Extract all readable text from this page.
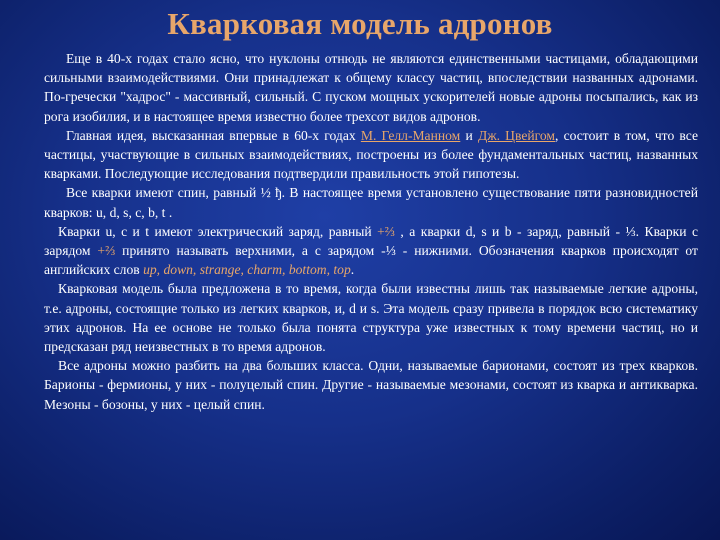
Кварковая модель адронов

Еще в 40-х годах стало ясно, что нуклоны отнюдь не являются единственными частицами, обладающими сильными взаимодействиями. Они принадлежат к общему классу частиц, впоследствии названных адронами. По-гречески "хадрос" - массивный, сильный. С пуском мощных ускорителей новые адроны посыпались, как из рога изобилия, и в настоящее время известно более трехсот видов адронов.

Главная идея, высказанная впервые в 60-х годах М. Гелл-Манном и Дж. Цвейгом, состоит в том, что все частицы, участвующие в сильных взаимодействиях, построены из более фундаментальных частиц, названных кварками. Последующие исследования подтвердили правильность этой гипотезы.

Все кварки имеют спин, равный ½ ђ. В настоящее время установлено существование пяти разновидностей кварков: u, d, s, c, b, t .

Кварки u, c и t имеют электрический заряд, равный +⅔ , а кварки d, s и b - заряд, равный - ⅓. Кварки с зарядом +⅔ принято называть верхними, а с зарядом -⅓ - нижними. Обозначения кварков происходят от английских слов up, down, strange, charm, bottom, top.

Кварковая модель была предложена в то время, когда были известны лишь так называемые легкие адроны, т.е. адроны, состоящие только из легких кварков, и, d и s. Эта модель сразу привела в порядок всю систематику этих адронов. На ее основе не только была понята структура уже известных к тому времени частиц, но и предсказан ряд неизвестных в то время адронов.

Все адроны можно разбить на два больших класса. Одни, называемые барионами, состоят из трех кварков. Барионы - фермионы, у них - полуцелый спин. Другие - называемые мезонами, состоят из кварка и антикварка. Мезоны - бозоны, у них - целый спин.
